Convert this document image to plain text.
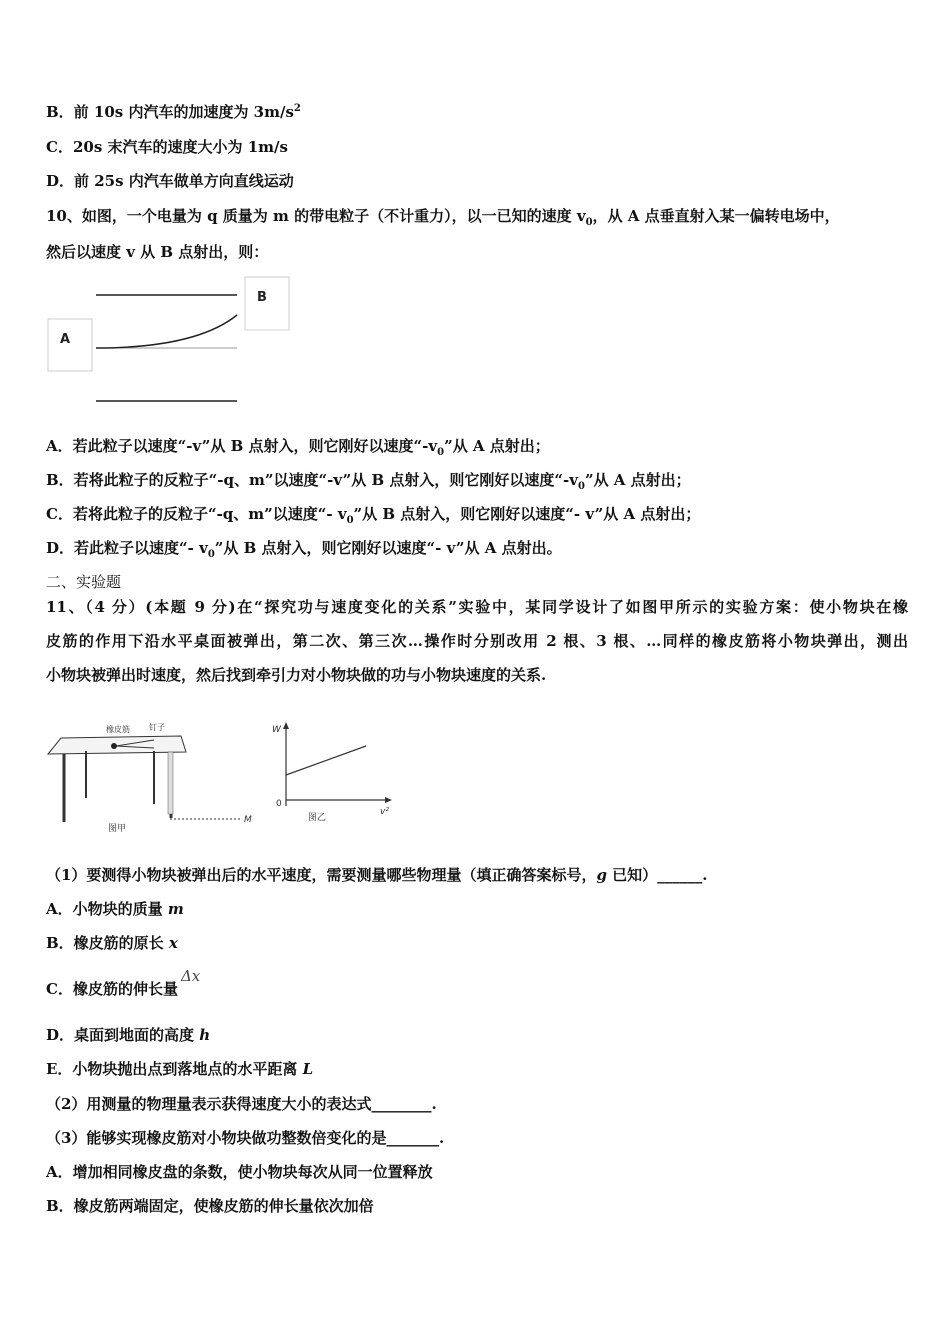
B．前 10s 内汽车的加速度为 $3m/s^2$
C．20s 末汽车的速度大小为 1m/s
D．前 25s 内汽车做单方向直线运动
10、如图，一个电量为 q 质量为 m 的带电粒子（不计重力），以一已知的速度 $v_0$，从 A 点垂直射入某一偏转电场中，
然后以速度 v 从 B 点射出，则：
A
B
A．若此粒子以速度“-v”从 B 点射入，则它刚好以速度“$-v_0$”从 A 点射出；
B．若将此粒子的反粒子“-q、m”以速度“-v”从 B 点射入，则它刚好以速度“$-v_0$”从 A 点射出；
C．若将此粒子的反粒子“-q、m”以速度“- $v_0$”从 B 点射入，则它刚好以速度“- v”从 A 点射出；
D．若此粒子以速度“- $v_0$”从 B 点射入，则它刚好以速度“- v”从 A 点射出。
二、实验题
11、（4 分）(本题 9 分)在“探究功与速度变化的关系”实验中，某同学设计了如图甲所示的实验方案：使小物块在橡
皮筋的作用下沿水平桌面被弹出，第二次、第三次…操作时分别改用 2 根、3 根、…同样的橡皮筋将小物块弹出，测出
小物块被弹出时速度，然后找到牵引力对小物块做的功与小物块速度的关系.
橡皮筋 钉子
M
图甲
W
0
v²
图乙
（1）要测得小物块被弹出后的水平速度，需要测量哪些物理量（填正确答案标号，g 已知）______.
A．小物块的质量 m
B．橡皮筋的原长 x
C．橡皮筋的伸长量Δx
D．桌面到地面的高度 h
E．小物块抛出点到落地点的水平距离 L
（2）用测量的物理量表示获得速度大小的表达式________.
（3）能够实现橡皮筋对小物块做功整数倍变化的是_______.
A．增加相同橡皮盘的条数，使小物块每次从同一位置释放
B．橡皮筋两端固定，使橡皮筋的伸长量依次加倍
